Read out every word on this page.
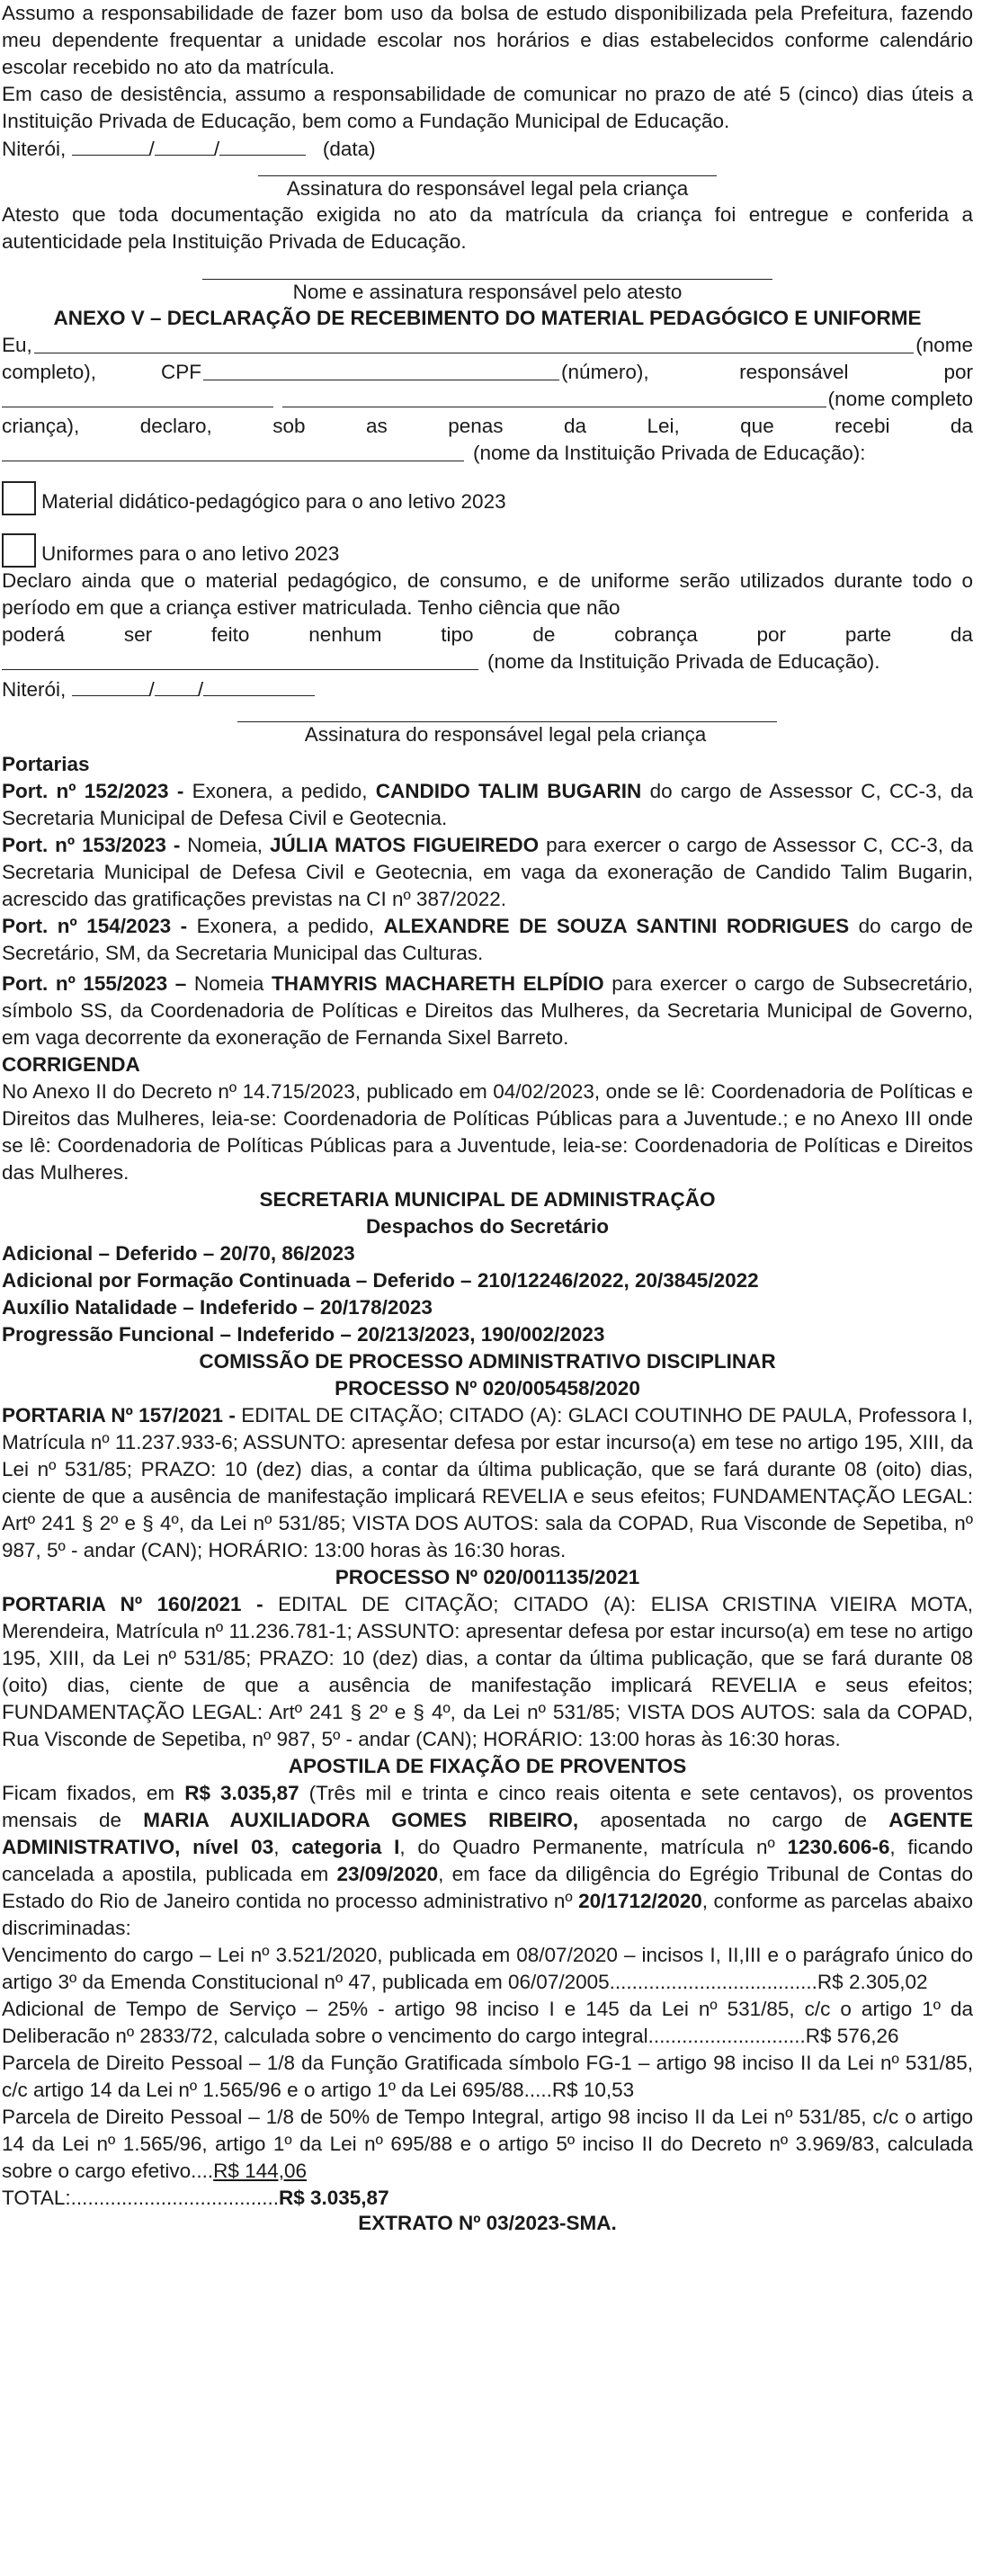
Assumo a responsabilidade de fazer bom uso da bolsa de estudo disponibilizada pela Prefeitura, fazendo meu dependente frequentar a unidade escolar nos horários e dias estabelecidos conforme calendário escolar recebido no ato da matrícula.

Em caso de desistência, assumo a responsabilidade de comunicar no prazo de até 5 (cinco) dias úteis a Instituição Privada de Educação, bem como a Fundação Municipal de Educação.

Niterói,	/	/	(data)

Assinatura do responsável legal pela criança

Atesto que toda documentação exigida no ato da matrícula da criança foi entregue e conferida a autenticidade pela Instituição Privada de Educação.

Nome e assinatura responsável pelo atesto

ANEXO V – DECLARAÇÃO DE RECEBIMENTO DO MATERIAL PEDAGÓGICO E UNIFORME

Eu,	(nome
completo),	CPF	(número),	responsável	por
(nome completo
criança),	declaro,	sob	as	penas	da	Lei,	que	recebi	da
(nome da Instituição Privada de Educação):
Material didático-pedagógico para o ano letivo 2023
Uniformes para o ano letivo 2023

Declaro ainda que o material pedagógico, de consumo, e de uniforme serão utilizados durante todo o período em que a criança estiver matriculada. Tenho ciência que não

poderá	ser	feito	nenhum	tipo	de	cobrança	por	parte	da
(nome da Instituição Privada de Educação).

Niterói,	/ /

Assinatura do responsável legal pela criança

Portarias

Port. nº 152/2023 - Exonera, a pedido, CANDIDO TALIM BUGARIN do cargo de Assessor C, CC-3, da Secretaria Municipal de Defesa Civil e Geotecnia.

Port. nº 153/2023 - Nomeia, JÚLIA MATOS FIGUEIREDO para exercer o cargo de Assessor C, CC-3, da Secretaria Municipal de Defesa Civil e Geotecnia, em vaga da exoneração de Candido Talim Bugarin, acrescido das gratificações previstas na CI nº 387/2022.

Port. nº 154/2023 - Exonera, a pedido, ALEXANDRE DE SOUZA SANTINI RODRIGUES do cargo de Secretário, SM, da Secretaria Municipal das Culturas.

Port. nº 155/2023 – Nomeia THAMYRIS MACHARETH ELPÍDIO para exercer o cargo de Subsecretário, símbolo SS, da Coordenadoria de Políticas e Direitos das Mulheres, da Secretaria Municipal de Governo, em vaga decorrente da exoneração de Fernanda Sixel Barreto.

CORRIGENDA

No Anexo II do Decreto nº 14.715/2023, publicado em 04/02/2023, onde se lê: Coordenadoria de Políticas e Direitos das Mulheres, leia-se: Coordenadoria de Políticas Públicas para a Juventude.; e no Anexo III onde se lê: Coordenadoria de Políticas Públicas para a Juventude, leia-se: Coordenadoria de Políticas e Direitos das Mulheres.

SECRETARIA MUNICIPAL DE ADMINISTRAÇÃO

Despachos do Secretário

Adicional – Deferido – 20/70, 86/2023

Adicional por Formação Continuada – Deferido – 210/12246/2022, 20/3845/2022

Auxílio Natalidade – Indeferido – 20/178/2023

Progressão Funcional – Indeferido – 20/213/2023, 190/002/2023

COMISSÃO DE PROCESSO ADMINISTRATIVO DISCIPLINAR

PROCESSO Nº 020/005458/2020

PORTARIA Nº 157/2021 - EDITAL DE CITAÇÃO; CITADO (A): GLACI COUTINHO DE PAULA, Professora I, Matrícula nº 11.237.933-6; ASSUNTO: apresentar defesa por estar incurso(a) em tese no artigo 195, XIII, da Lei nº 531/85; PRAZO: 10 (dez) dias, a contar da última publicação, que se fará durante 08 (oito) dias, ciente de que a ausência de manifestação implicará REVELIA e seus efeitos; FUNDAMENTAÇÃO LEGAL: Artº 241 § 2º e § 4º, da Lei nº 531/85; VISTA DOS AUTOS: sala da COPAD, Rua Visconde de Sepetiba, nº 987, 5º - andar (CAN); HORÁRIO: 13:00 horas às 16:30 horas.

PROCESSO Nº 020/001135/2021

PORTARIA Nº 160/2021 - EDITAL DE CITAÇÃO; CITADO (A): ELISA CRISTINA VIEIRA MOTA, Merendeira, Matrícula nº 11.236.781-1; ASSUNTO: apresentar defesa por estar incurso(a) em tese no artigo 195, XIII, da Lei nº 531/85; PRAZO: 10 (dez) dias, a contar da última publicação, que se fará durante 08 (oito) dias, ciente de que a ausência de manifestação implicará REVELIA e seus efeitos; FUNDAMENTAÇÃO LEGAL: Artº 241 § 2º e § 4º, da Lei nº 531/85; VISTA DOS AUTOS: sala da COPAD, Rua Visconde de Sepetiba, nº 987, 5º - andar (CAN); HORÁRIO: 13:00 horas às 16:30 horas.

APOSTILA DE FIXAÇÃO DE PROVENTOS

Ficam fixados, em R$ 3.035,87 (Três mil e trinta e cinco reais oitenta e sete centavos), os proventos mensais de MARIA AUXILIADORA GOMES RIBEIRO, aposentada no cargo de AGENTE ADMINISTRATIVO, nível 03, categoria I, do Quadro Permanente, matrícula nº 1230.606-6, ficando cancelada a apostila, publicada em 23/09/2020, em face da diligência do Egrégio Tribunal de Contas do Estado do Rio de Janeiro contida no processo administrativo nº 20/1712/2020, conforme as parcelas abaixo discriminadas:

Vencimento do cargo – Lei nº 3.521/2020, publicada em 08/07/2020 – incisos I, II,III e o parágrafo único do artigo 3º da Emenda Constitucional nº 47, publicada em 06/07/2005.....................................R$ 2.305,02

Adicional de Tempo de Serviço – 25% - artigo 98 inciso I e 145 da Lei nº 531/85, c/c o artigo 1º da Deliberacão nº 2833/72, calculada sobre o vencimento do cargo integral............................R$ 576,26

Parcela de Direito Pessoal – 1/8 da Função Gratificada símbolo FG-1 – artigo 98 inciso II da Lei nº 531/85, c/c artigo 14 da Lei nº 1.565/96 e o artigo 1º da Lei 695/88.....R$ 10,53

Parcela de Direito Pessoal – 1/8 de 50% de Tempo Integral, artigo 98 inciso II da Lei nº 531/85, c/c o artigo 14 da Lei nº 1.565/96, artigo 1º da Lei nº 695/88 e o artigo 5º inciso II do Decreto nº 3.969/83, calculada sobre o cargo efetivo....R$ 144,06

TOTAL:.....................................R$ 3.035,87

EXTRATO Nº 03/2023-SMA.
